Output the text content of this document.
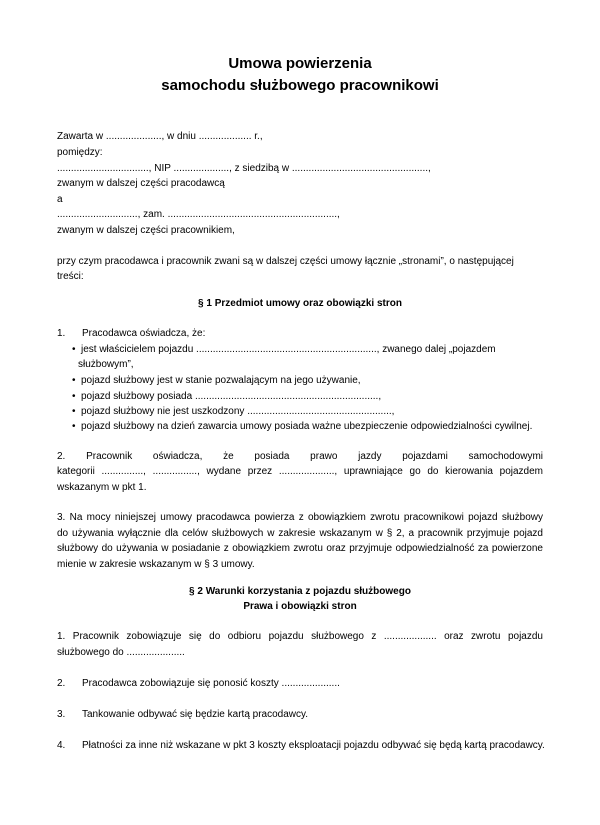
Umowa powierzenia
samochodu służbowego pracownikowi
Zawarta w ...................., w dniu ................... r.,
pomiędzy:
................................., NIP ...................., z siedzibą w .................................................,
zwanym w dalszej części pracodawcą
a
............................., zam. .............................................................,
zwanym w dalszej części pracownikiem,
przy czym pracodawca i pracownik zwani są w dalszej części umowy łącznie „stronami”, o następującej
treści:
§ 1 Przedmiot umowy oraz obowiązki stron
1. Pracodawca oświadcza, że:
• jest właścicielem pojazdu ................................................................., zwanego dalej „pojazdem
służbowym”,
• pojazd służbowy jest w stanie pozwalającym na jego używanie,
• pojazd służbowy posiada ..................................................................,
• pojazd służbowy nie jest uszkodzony ....................................................,
• pojazd służbowy na dzień zawarcia umowy posiada ważne ubezpieczenie odpowiedzialności cywilnej.
2. Pracownik oświadcza, że posiada prawo jazdy pojazdami samochodowymi
kategorii ..............., ................, wydane przez ...................., uprawniające go do kierowania pojazdem
wskazanym w pkt 1.
3. Na mocy niniejszej umowy pracodawca powierza z obowiązkiem zwrotu pracownikowi pojazd służbowy
do używania wyłącznie dla celów służbowych w zakresie wskazanym w § 2, a pracownik przyjmuje pojazd
służbowy do używania w posiadanie z obowiązkiem zwrotu oraz przyjmuje odpowiedzialność za powierzone
mienie w zakresie wskazanym w § 3 umowy.
§ 2 Warunki korzystania z pojazdu służbowego
Prawa i obowiązki stron
1. Pracownik zobowiązuje się do odbioru pojazdu służbowego z ................... oraz zwrotu pojazdu
służbowego do .....................
2. Pracodawca zobowiązuje się ponosić koszty .....................
3. Tankowanie odbywać się będzie kartą pracodawcy.
4. Płatności za inne niż wskazane w pkt 3 koszty eksploatacji pojazdu odbywać się będą kartą pracodawcy.
